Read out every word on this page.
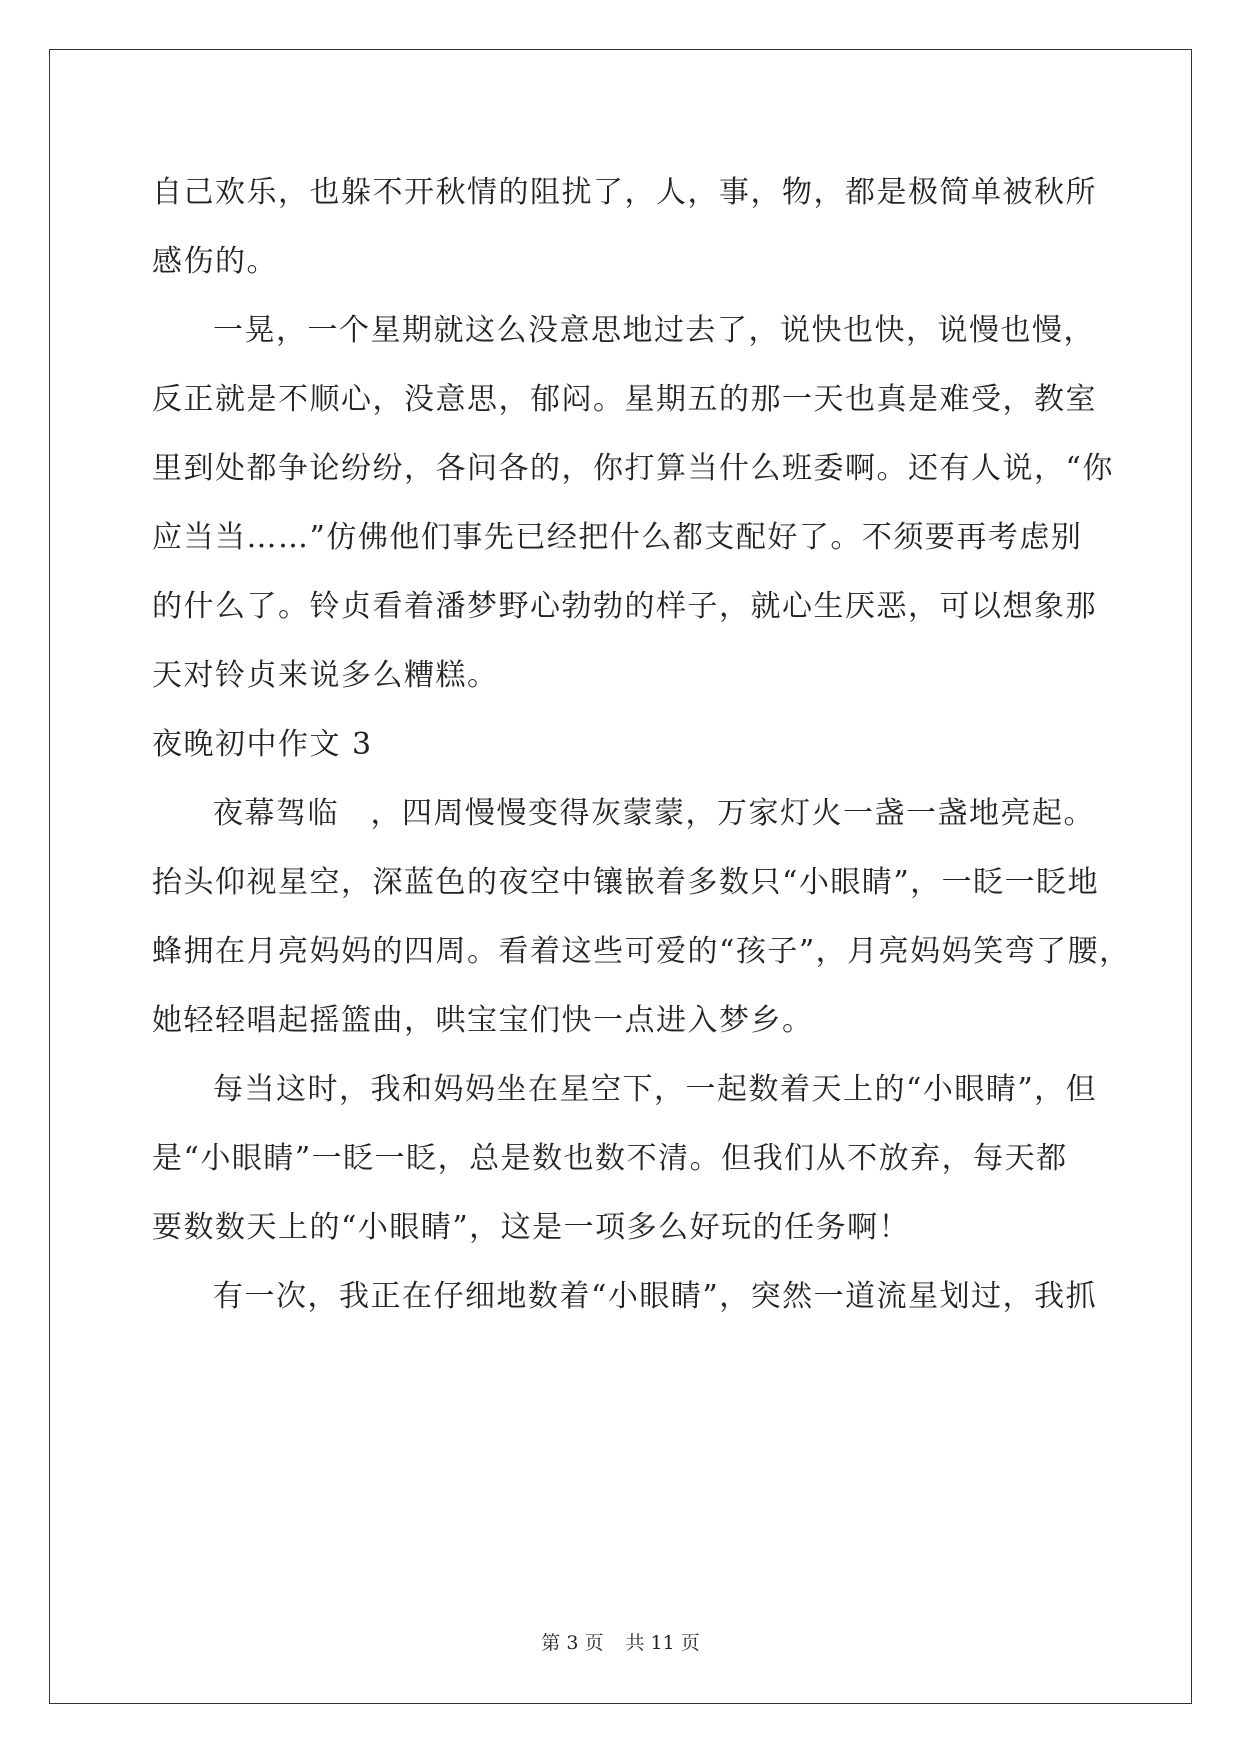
自己欢乐，也躲不开秋情的阻扰了，人，事，物，都是极简单被秋所
感伤的。
一晃，一个星期就这么没意思地过去了，说快也快，说慢也慢，
反正就是不顺心，没意思，郁闷。星期五的那一天也真是难受，教室
里到处都争论纷纷，各问各的，你打算当什么班委啊。还有人说，“你
应当当……”仿佛他们事先已经把什么都支配好了。不须要再考虑别
的什么了。铃贞看着潘梦野心勃勃的样子，就心生厌恶，可以想象那
天对铃贞来说多么糟糕。
夜晚初中作文 3
夜幕驾临　，四周慢慢变得灰蒙蒙，万家灯火一盏一盏地亮起。
抬头仰视星空，深蓝色的夜空中镶嵌着多数只“小眼睛”，一眨一眨地
蜂拥在月亮妈妈的四周。看着这些可爱的“孩子”，月亮妈妈笑弯了腰，
她轻轻唱起摇篮曲，哄宝宝们快一点进入梦乡。
每当这时，我和妈妈坐在星空下，一起数着天上的“小眼睛”，但
是“小眼睛”一眨一眨，总是数也数不清。但我们从不放弃，每天都
要数数天上的“小眼睛”，这是一项多么好玩的任务啊！
有一次，我正在仔细地数着“小眼睛”，突然一道流星划过，我抓
第 3 页 共 11 页
